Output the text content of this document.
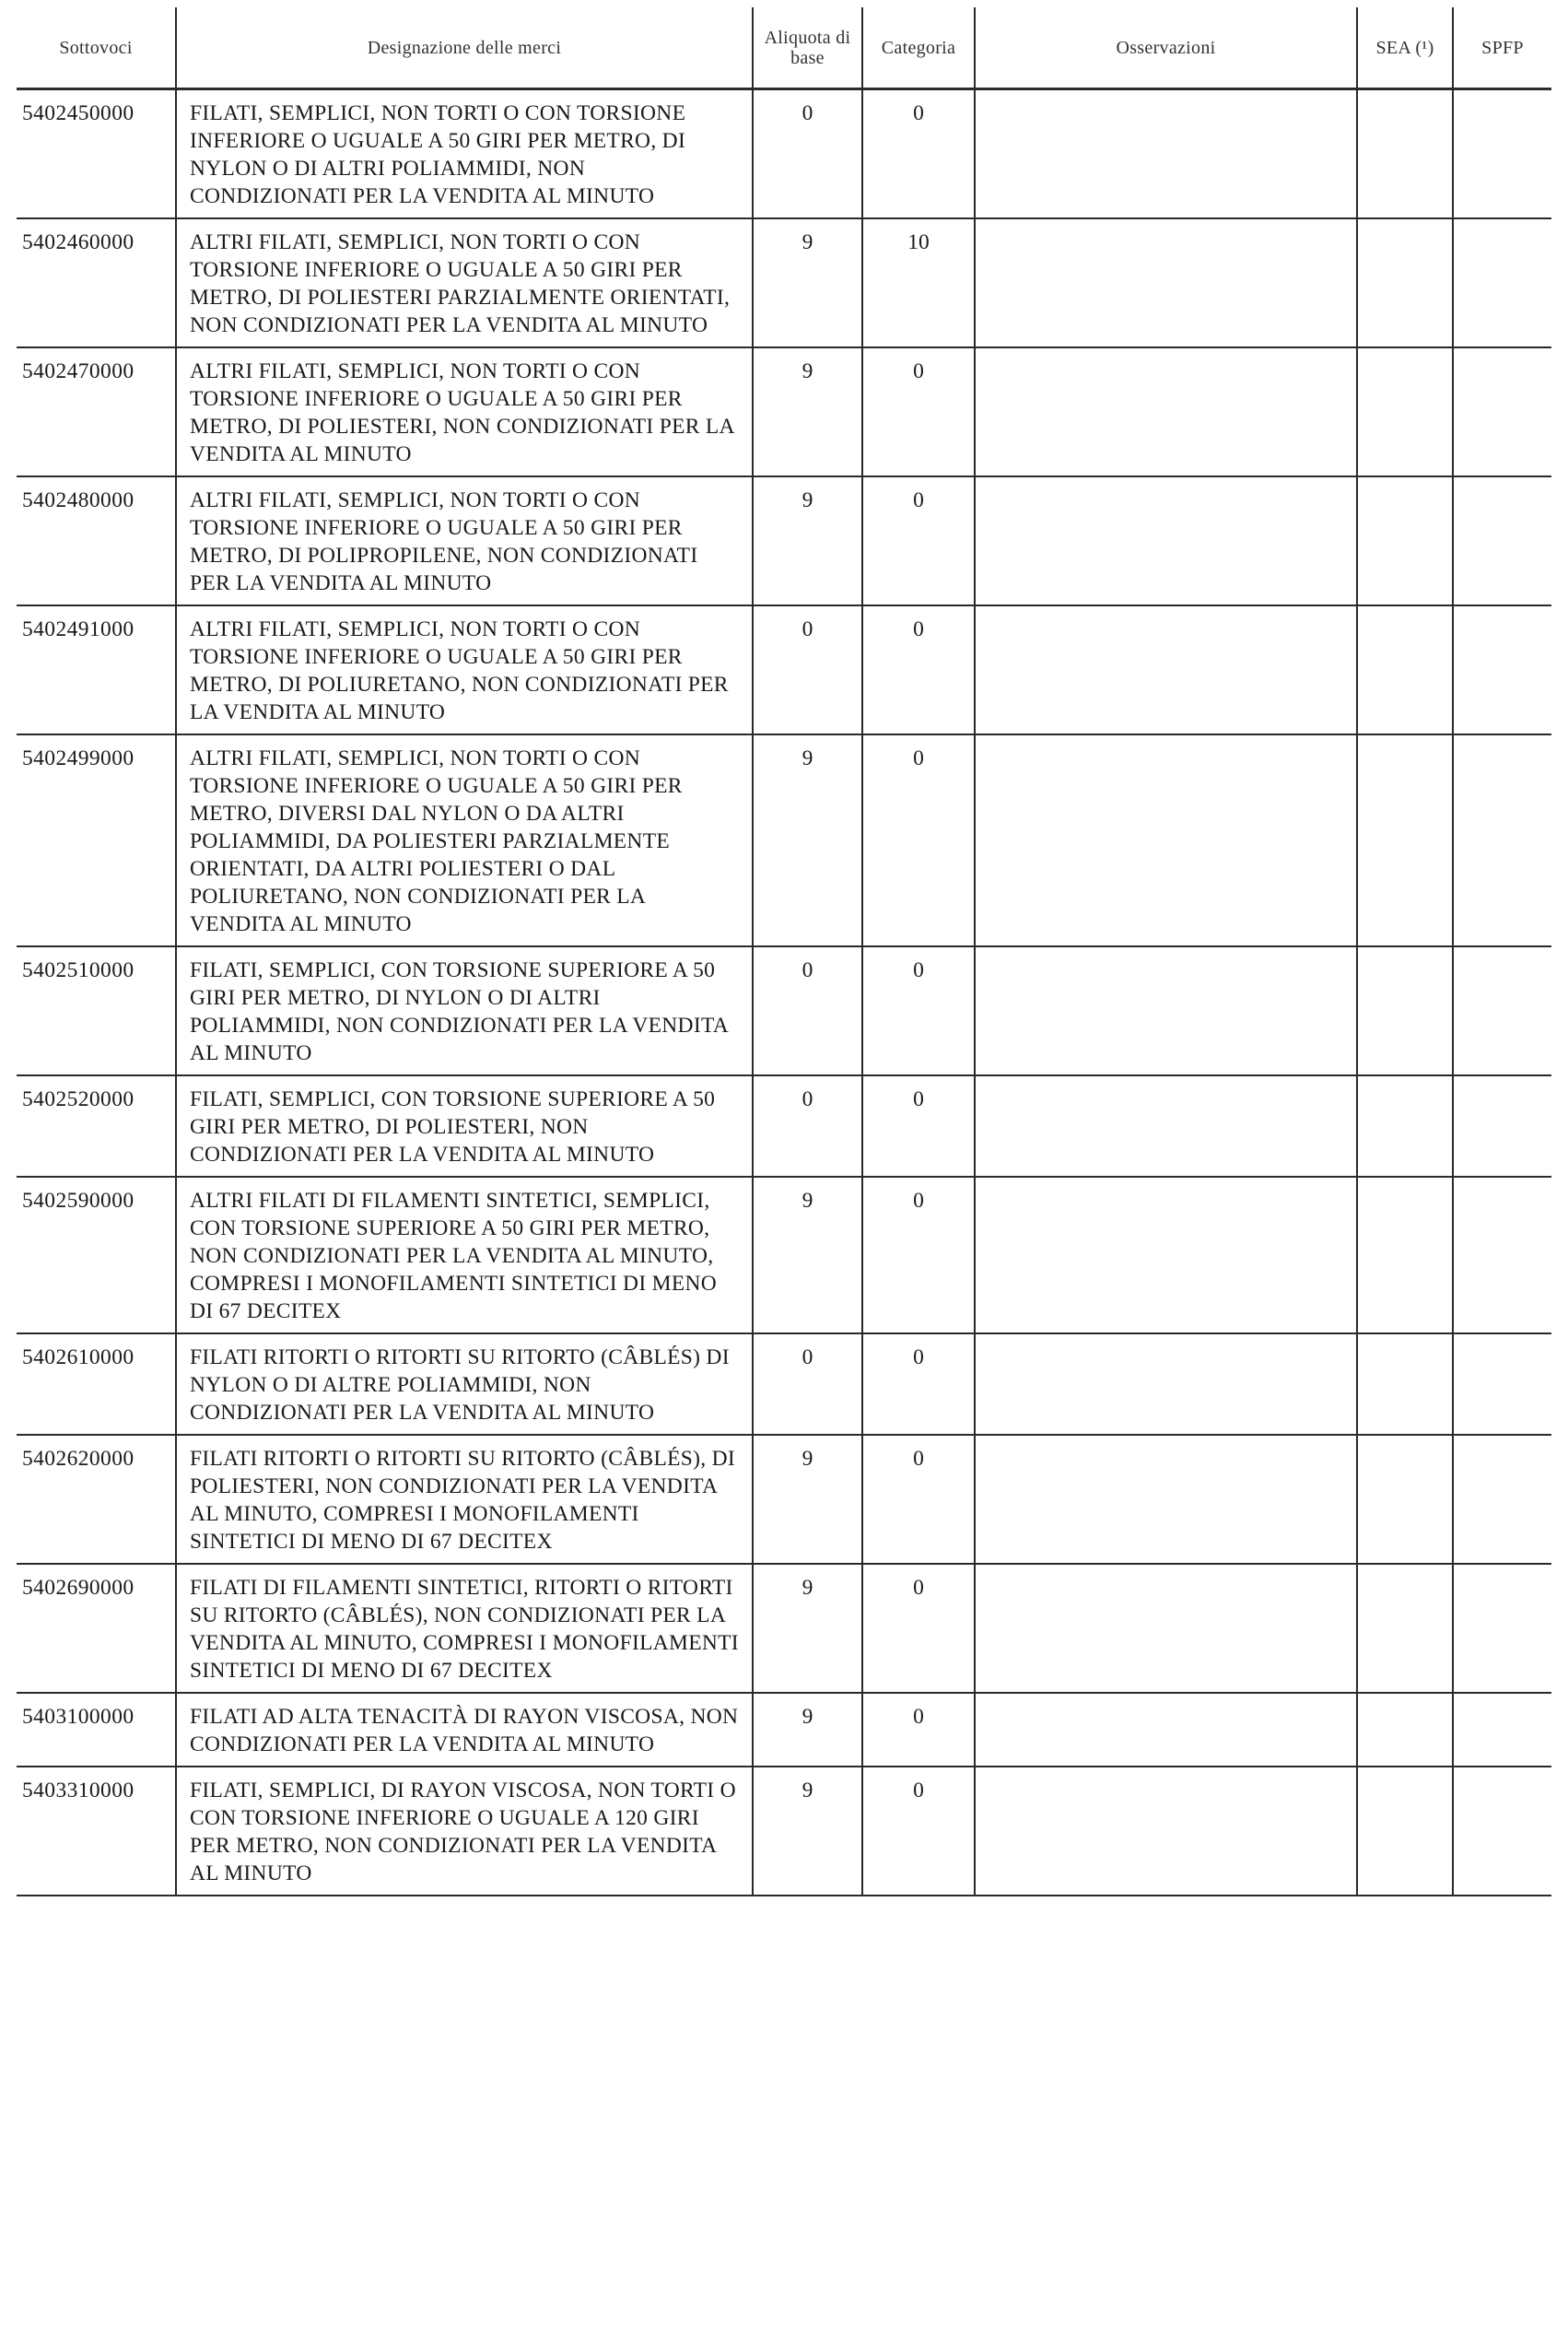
Sottovoci	Designazione delle merci	Aliquota di base	Categoria	Osservazioni	SEA (¹)	SPFP
5402450000	FILATI, SEMPLICI, NON TORTI O CON TORSIONE INFERIORE O UGUALE A 50 GIRI PER METRO, DI NYLON O DI ALTRI POLIAMMIDI, NON CONDIZIONATI PER LA VENDITA AL MINUTO	0	0			
5402460000	ALTRI FILATI, SEMPLICI, NON TORTI O CON TORSIONE INFERIORE O UGUALE A 50 GIRI PER METRO, DI POLIESTERI PARZIALMENTE ORIENTATI, NON CONDIZIONATI PER LA VENDITA AL MINUTO	9	10			
5402470000	ALTRI FILATI, SEMPLICI, NON TORTI O CON TORSIONE INFERIORE O UGUALE A 50 GIRI PER METRO, DI POLIESTERI, NON CONDIZIONATI PER LA VENDITA AL MINUTO	9	0			
5402480000	ALTRI FILATI, SEMPLICI, NON TORTI O CON TORSIONE INFERIORE O UGUALE A 50 GIRI PER METRO, DI POLIPROPILENE, NON CONDIZIONATI PER LA VENDITA AL MINUTO	9	0			
5402491000	ALTRI FILATI, SEMPLICI, NON TORTI O CON TORSIONE INFERIORE O UGUALE A 50 GIRI PER METRO, DI POLIURETANO, NON CONDIZIONATI PER LA VENDITA AL MINUTO	0	0			
5402499000	ALTRI FILATI, SEMPLICI, NON TORTI O CON TORSIONE INFERIORE O UGUALE A 50 GIRI PER METRO, DIVERSI DAL NYLON O DA ALTRI POLIAMMIDI, DA POLIESTERI PARZIALMENTE ORIENTATI, DA ALTRI POLIESTERI O DAL POLIURETANO, NON CONDIZIONATI PER LA VENDITA AL MINUTO	9	0			
5402510000	FILATI, SEMPLICI, CON TORSIONE SUPERIORE A 50 GIRI PER METRO, DI NYLON O DI ALTRI POLIAMMIDI, NON CONDIZIONATI PER LA VENDITA AL MINUTO	0	0			
5402520000	FILATI, SEMPLICI, CON TORSIONE SUPERIORE A 50 GIRI PER METRO, DI POLIESTERI, NON CONDIZIONATI PER LA VENDITA AL MINUTO	0	0			
5402590000	ALTRI FILATI DI FILAMENTI SINTETICI, SEMPLICI, CON TORSIONE SUPERIORE A 50 GIRI PER METRO, NON CONDIZIONATI PER LA VENDITA AL MINUTO, COMPRESI I MONOFILAMENTI SINTETICI DI MENO DI 67 DECITEX	9	0			
5402610000	FILATI RITORTI O RITORTI SU RITORTO (CÂBLÉS) DI NYLON O DI ALTRE POLIAMMIDI, NON CONDIZIONATI PER LA VENDITA AL MINUTO	0	0			
5402620000	FILATI RITORTI O RITORTI SU RITORTO (CÂBLÉS), DI POLIESTERI, NON CONDIZIONATI PER LA VENDITA AL MINUTO, COMPRESI I MONOFILAMENTI SINTETICI DI MENO DI 67 DECITEX	9	0			
5402690000	FILATI DI FILAMENTI SINTETICI, RITORTI O RITORTI SU RITORTO (CÂBLÉS), NON CONDIZIONATI PER LA VENDITA AL MINUTO, COMPRESI I MONOFILAMENTI SINTETICI DI MENO DI 67 DECITEX	9	0			
5403100000	FILATI AD ALTA TENACITÀ DI RAYON VISCOSA, NON CONDIZIONATI PER LA VENDITA AL MINUTO	9	0			
5403310000	FILATI, SEMPLICI, DI RAYON VISCOSA, NON TORTI O CON TORSIONE INFERIORE O UGUALE A 120 GIRI PER METRO, NON CONDIZIONATI PER LA VENDITA AL MINUTO	9	0			
